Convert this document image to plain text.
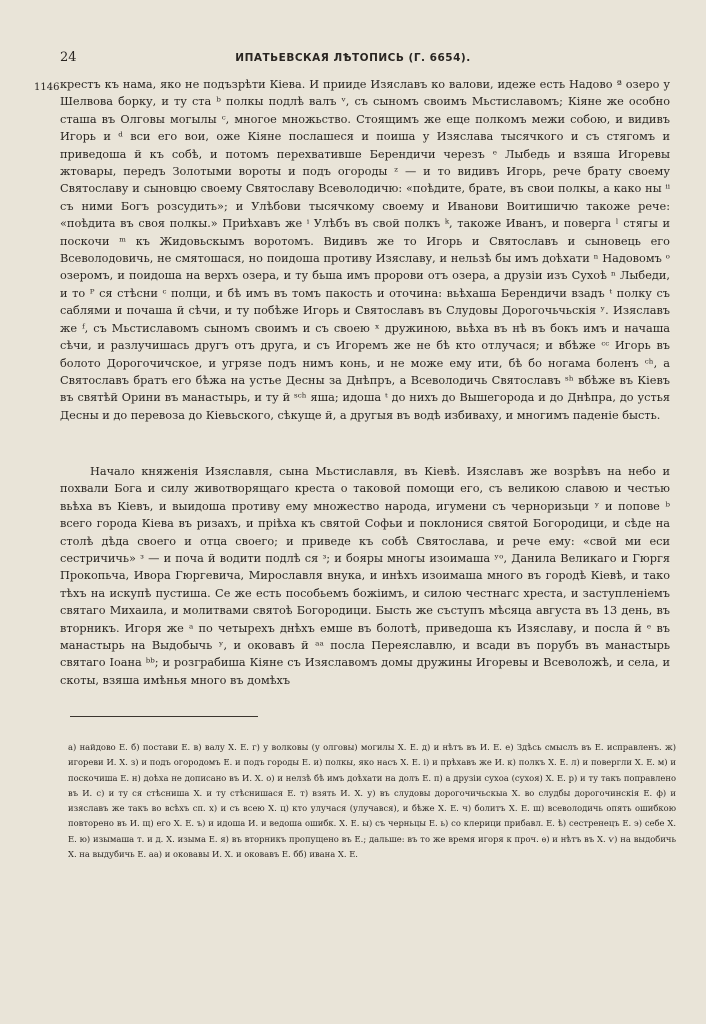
24	ИПАТЬЕВСКАЯ ЛѢТОПИСЬ (Г. 6654).
1146 крестъ къ нама, яко не подъзрѣти Кіева. И прииде Изяславъ ко валови, идеже есть Надово ª озеро у Шелвова борку, и ту ста ᵇ полкы подлѣ валъ ᵛ, съ сыномъ своимъ Мьстиславомъ; Кіяне же особно сташа въ Олговы могылы ᶜ, многое множьство. Стоящимъ же еще полкомъ межи собою, и видивъ Игорь и ᵈ вси его вои, оже Кіяне послашеся и поиша у Изяслава тысячкого и съ стягомъ и приведоша й къ собѣ, и потомъ перехвативше Берендичи черезъ ᵉ Лыбедь и взяша Игоревы жтовары, передъ Золотыми вороты и подъ огороды ᶻ — и то видивъ Игорь, рече брату своему Святославу и сыновцю своему Святославу Всеволодичю: «поѣдите, брате, въ свои полкы, а како ны ⁱⁱ съ ними Богъ розсудить»; и Улѣбови тысячкому своему и Иванови Воитишичю такоже рече: «поѣдита въ своя полкы.» Приѣхавъ же ⁱ Улѣбъ въ свой полкъ ᵏ, такоже Иванъ, и поверга ˡ стягы и поскочи ᵐ къ Жидовьскымъ воротомъ. Видивъ же то Игорь и Святославъ и сыновець его Всеволодовичь, не смятошася, но поидоша противу Изяславу, и нельзѣ бы имъ доѣхати ⁿ Надовомъ ᵒ озеромъ, и поидоша на верхъ озера, и ту бьша имъ пророви отъ озера, а друзіи изъ Сухоѣ ⁿ Лыбеди, и то ᴾ ся стѣсни ᶜ полци, и бѣ имъ въ томъ пакость и оточина: вьѣхаша Берендичи взадъ ᵗ полку съ саблями и почаша й сѣчи, и ту побѣже Игорь и Святославъ въ Слудовы Дорогочьчьскія ʸ. Изяславъ же ᶠ, съ Мьстиславомъ сыномъ своимъ и съ своею ˣ дружиною, вьѣха въ нѣ въ бокъ имъ и начаша сѣчи, и разлучишась другъ отъ друга, и съ Игоремъ же не бѣ кто отлучася; и вбѣже ᶜᶜ Игорь въ болото Дорогочичское, и угрязе подъ нимъ конь, и не може ему ити, бѣ бо ногама боленъ ᶜʰ, а Святославъ братъ его бѣжа на устье Десны за Днѣпръ, а Всеволодичь Святославъ ˢʰ вбѣже въ Кіевъ въ святѣй Орини въ манастырь, и ту й ˢᶜʰ яша; идоша ᵗ до нихъ до Вышегорода и до Днѣпра, до устья Десны и до перевоза до Кіевьского, сѣкуще й, а другыя въ водѣ избиваху, и многимъ паденіе бысть.
Начало княженія Изяславля, сына Мьстиславля, въ Кіевѣ. Изяславъ же возрѣвъ на небо и похвали Бога и силу животворящаго креста о таковой помощи его, съ великою славою и честью вьѣха въ Кіевъ, и выидоша противу ему множество народа, игумени съ черноризьци ʸ и попове ᵇ всего города Кіева въ ризахъ, и пріѣха къ святой Софьи и поклонися святой Богородици, и сѣде на столѣ дѣда своего и отца своего; и приведе къ собѣ Святослава, и рече ему: «свой ми еси сестричичь» ᵌ — и поча й водити подлѣ ся ᵌ; и бояры многы изоимаша ʸᵒ, Данила Великаго и Гюргя Прокопьча, Ивора Гюргевича, Мирославля внука, и инѣхъ изоимаша много въ городѣ Кіевѣ, и тако тѣхъ на искупѣ пустиша. Се же есть пособьемъ божіимъ, и силою честнагс хреста, и заступленіемъ святаго Михаила, и молитвами святоѣ Богородици. Бысть же съступъ мѣсяца августа въ 13 день, въ вторникъ. Игоря же ᵃ по четырехъ днѣхъ емше въ болотѣ, приведоша къ Изяславу, и посла й ᵉ въ манастырь на Выдобычь ʸ, и оковавъ й ᵃᵃ посла Переяславлю, и всади въ порубъ въ манастырь святаго Іоана ᵇᵇ; и розграбиша Кіяне съ Изяславомъ домы дружины Игоревы и Всеволожѣ, и села, и скоты, взяша имѣнья много въ домѣхъ
а) найдово Е. б) постави Е. в) валу Х. Е. г) у волковы (у олговы) могилы Х. Е. д) и нѣтъ въ И. Е. е) Здѣсь смыслъ въ Е. исправленъ. ж) игореви И. Х. з) и подъ огородомъ Е. и подъ городы Е. и) полкы, яко насъ Х. Е. і) и прѣхавъ же И. к) полкъ Х. Е. л) и повергли Х. Е. м) и поскочиша Е. н) доѣха не дописано въ И. Х. о) и нелзѣ бѣ имъ доѣхати на долъ Е. п) а друзіи сухоа (сухоя) Х. Е. р) и ту такъ поправлено въ И. с) и ту ся стѣснишa Х. и ту стѣснишася Е. т) взять И. Х. у) въ слудовы дорогочичьскыа Х. во слудбы дорогочинскія Е. ф) и изяславъ же такъ во всѣхъ сп. х) и съ всею Х. ц) кто улучася (улучався), и бѣже Х. Е. ч) болитъ Х. Е. ш) всеволодичь опять ошибкою повторено въ И. щ) его Х. Е. ъ) и идоша И. и ведоша ошибк. Х. Е. ы) съ черньцы Е. ь) со клерици прибавл. Е. ѣ) сестренецъ Е. э) себе Х. Е. ю) изымаша т. и д. Х. изыма Е. я) въ вторникъ пропущено въ Е.; дальше: въ то же время игоря к проч. ѳ) и нѣтъ въ Х. ѵ) на выдобичь Х. на выдубичь Е. аа) и оковавы И. Х. и оковавъ Е. бб) ивана Х. Е.
